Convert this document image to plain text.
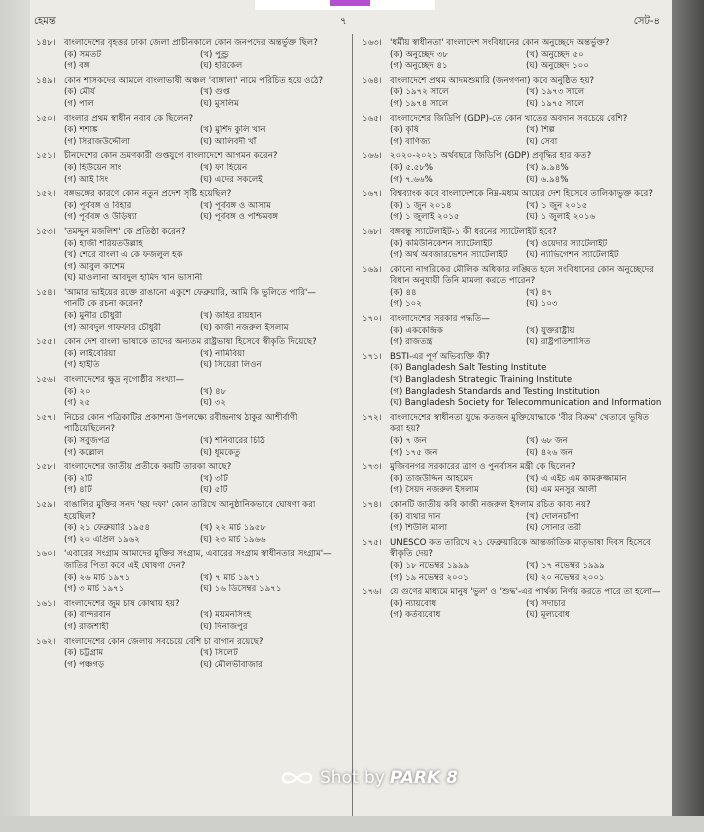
হেমন্ত	৭	সেট-৪
১৪৮। বাংলাদেশের বৃহত্তর ঢাকা জেলা প্রাচীনকালে কোন জনপদের অন্তর্ভুক্ত ছিল?
(ক) সমতট	(খ) পুণ্ড্র
(গ) বঙ্গ	(ঘ) হরিকেল
১৪৯। কোন শাসকদের আমলে বাংলাভাষী অঞ্চল 'বাঙ্গালা' নামে পরিচিত হয়ে ওঠে?
(ক) মৌর্য	(খ) গুপ্ত
(গ) পাল	(ঘ) মুসলিম
১৫০। বাংলার প্রথম স্বাধীন নবাব কে ছিলেন?
(ক) শশাঙ্ক	(খ) মুর্শিদ কুলি খান
(গ) সিরাজউদ্দৌলা	(ঘ) আলিবর্দী খাঁ
১৫১। চীনদেশের কোন ভ্রমণকারী গুপ্তযুগে বাংলাদেশে আগমন করেন?
(ক) হিউয়েন সাং	(খ) ফা হিয়েন
(গ) আই সিং	(ঘ) এদের সকলেই
১৫২। বঙ্গভঙ্গের কারণে কোন নতুন প্রদেশ সৃষ্টি হয়েছিল?
(ক) পূর্ববঙ্গ ও বিহার	(খ) পূর্ববঙ্গ ও আসাম
(গ) পূর্ববঙ্গ ও উড়িষ্যা	(ঘ) পূর্ববঙ্গ ও পশ্চিমবঙ্গ
১৫৩। 'তমদ্দুন মজলিশ' কে প্রতিষ্ঠা করেন?
(ক) হাজী শরিয়তউল্লাহ
(খ) শেরে বাংলা এ কে ফজলুল হক
(গ) আবুল কাশেম
(ঘ) মাওলানা আবদুল হামিদ খান ভাসানী
১৫৪। 'আমার ভাইয়ের রক্তে রাঙানো একুশে ফেব্রুয়ারি, আমি কি ভুলিতে পারি'—গানটি কে রচনা করেন?
(ক) মুনীর চৌধুরী	(খ) জহির রায়হান
(গ) আবদুল গাফফার চৌধুরী	(ঘ) কাজী নজরুল ইসলাম
১৫৫। কোন দেশ বাংলা ভাষাকে তাদের অন্যতম রাষ্ট্রভাষা হিসেবে স্বীকৃতি দিয়েছে?
(ক) লাইবেরিয়া	(খ) নামিবিয়া
(গ) হাইতি	(ঘ) সিয়েরা লিওন
১৫৬। বাংলাদেশের ক্ষুদ্র নৃগোষ্ঠীর সংখ্যা—
(ক) ২০	(খ) ৪৮
(গ) ২৫	(ঘ) ৩২
১৫৭। নিচের কোন পত্রিকাটির প্রকাশনা উপলক্ষ্যে রবীন্দ্রনাথ ঠাকুর আশীর্বাণী পাঠিয়েছিলেন?
(ক) সবুজপত্র	(খ) শনিবারের চিঠি
(গ) কল্লোল	(ঘ) ধূমকেতু
১৫৮। বাংলাদেশের জাতীয় প্রতীকে কয়টি তারকা আছে?
(ক) ২টি	(খ) ৩টি
(গ) ৪টি	(ঘ) ৫টি
১৫৯। বাঙালির মুক্তির সনদ 'ছয় দফা' কোন তারিখে আনুষ্ঠানিকভাবে ঘোষণা করা হয়েছিল?
(ক) ২১ ফেব্রুয়ারি ১৯৫৪	(খ) ২২ মার্চ ১৯৫৮
(গ) ২০ এপ্রিল ১৯৬২	(ঘ) ২৩ মার্চ ১৯৬৬
১৬০। 'এবারের সংগ্রাম আমাদের মুক্তির সংগ্রাম, এবারের সংগ্রাম স্বাধীনতার সংগ্রাম'—জাতির পিতা কবে এই ঘোষণা দেন?
(ক) ২৬ মার্চ ১৯৭১	(খ) ৭ মার্চ ১৯৭১
(গ) ৩ মার্চ ১৯৭১	(ঘ) ১৬ ডিসেম্বর ১৯৭১
১৬১। বাংলাদেশের জুম চাষ কোথায় হয়?
(ক) বান্দরবান	(খ) ময়মনসিংহ
(গ) রাজশাহী	(ঘ) দিনাজপুর
১৬২। বাংলাদেশের কোন জেলায় সবচেয়ে বেশি চা বাগান রয়েছে?
(ক) চট্টগ্রাম	(খ) সিলেট
(গ) পঞ্চগড়	(ঘ) মৌলভীবাজার
১৬৩। 'ধর্মীয় স্বাধীনতা' বাংলাদেশ সংবিধানের কোন অনুচ্ছেদে অন্তর্ভুক্ত?
(ক) অনুচ্ছেদ ৩৮	(খ) অনুচ্ছেদ ৫০
(গ) অনুচ্ছেদ ৪১	(ঘ) অনুচ্ছেদ ১০০
১৬৪। বাংলাদেশে প্রথম আদমশুমারি (জনগণনা) কবে অনুষ্ঠিত হয়?
(ক) ১৯৭২ সালে	(খ) ১৯৭৩ সালে
(গ) ১৯৭৪ সালে	(ঘ) ১৯৭৫ সালে
১৬৫। বাংলাদেশের জিডিপি (GDP)-তে কোন খাতের অবদান সবচেয়ে বেশি?
(ক) কৃষি	(খ) শিল্প
(গ) বাণিজ্য	(ঘ) সেবা
১৬৬। ২০২০-২০২১ অর্থবছরে জিডিপি (GDP) প্রবৃদ্ধির হার কত?
(ক) ৫.৫৮%	(খ) ৯.৯৪%
(গ) ৭.৬৬%	(ঘ) ৬.৯৪%
১৬৭। বিশ্বব্যাংক কবে বাংলাদেশকে নিম্ন-মধ্যম আয়ের দেশ হিসেবে তালিকাভুক্ত করে?
(ক) ১ জুন ২০১৪	(খ) ১ জুন ২০১৫
(গ) ১ জুলাই ২০১৫	(ঘ) ১ জুলাই ২০১৬
১৬৮। বঙ্গবন্ধু স্যাটেলাইট-১ কী ধরনের স্যাটেলাইট হবে?
(ক) কমিউনিকেশন স্যাটেলাইট	(খ) ওয়েদার স্যাটেলাইট
(গ) অর্থ অবজারভেশন স্যাটেলাইট	(ঘ) ন্যাভিগেশন স্যাটেলাইট
১৬৯। কোনো নাগরিকের মৌলিক অধিকার লঙ্ঘিত হলে সংবিধানের কোন অনুচ্ছেদের বিধান অনুযায়ী তিনি মামলা করতে পারেন?
(ক) ৪৪	(খ) ৪৭
(গ) ১০২	(ঘ) ১০৩
১৭০। বাংলাদেশের সরকার পদ্ধতি—
(ক) এককেন্দ্রিক	(খ) যুক্তরাষ্ট্রীয়
(গ) রাজতন্ত্র	(ঘ) রাষ্ট্রপতিশাসিত
১৭১। BSTI-এর পূর্ণ অভিব্যক্তি কী?
(ক) Bangladesh Salt Testing Institute
(খ) Bangladesh Strategic Training Institute
(গ) Bangladesh Standards and Testing Institution
(ঘ) Bangladesh Society for Telecommunication and Information
১৭২। বাংলাদেশের স্বাধীনতা যুদ্ধে কতজন মুক্তিযোদ্ধাকে 'বীর বিক্রম' খেতাবে ভূষিত করা হয়?
(ক) ৭ জন	(খ) ৬৮ জন
(গ) ১৭৫ জন	(ঘ) ৪২৬ জন
১৭৩। মুজিবনগর সরকারের ত্রাণ ও পুনর্বাসন মন্ত্রী কে ছিলেন?
(ক) তাজউদ্দিন আহমেদ	(খ) এ এইচ এম কামরুজ্জামান
(গ) সৈয়দ নজরুল ইসলাম	(ঘ) এম মনসুর আলী
১৭৪। কোনটি জাতীয় কবি কাজী নজরুল ইসলাম রচিত কাব্য নয়?
(ক) ব্যথার দান	(খ) দোলনচাঁপা
(গ) শিউলি মালা	(ঘ) সোনার তরী
১৭৫। UNESCO কত তারিখে ২১ ফেব্রুয়ারিকে আন্তর্জাতিক মাতৃভাষা দিবস হিসেবে স্বীকৃতি দেয়?
(ক) ১৮ নভেম্বর ১৯৯৯	(খ) ১৭ নভেম্বর ১৯৯৯
(গ) ১৯ নভেম্বর ২০০১	(ঘ) ২০ নভেম্বর ২০০১
১৭৬। যে গুণের মাধ্যমে মানুষ 'ভুল' ও 'শুদ্ধ'-এর পার্থক্য নির্ণয় করতে পারে তা হলো—
(ক) ন্যায়বোধ	(খ) সদাচার
(গ) কর্তব্যবোধ	(ঘ) মূল্যবোধ
Shot by PARK 8
